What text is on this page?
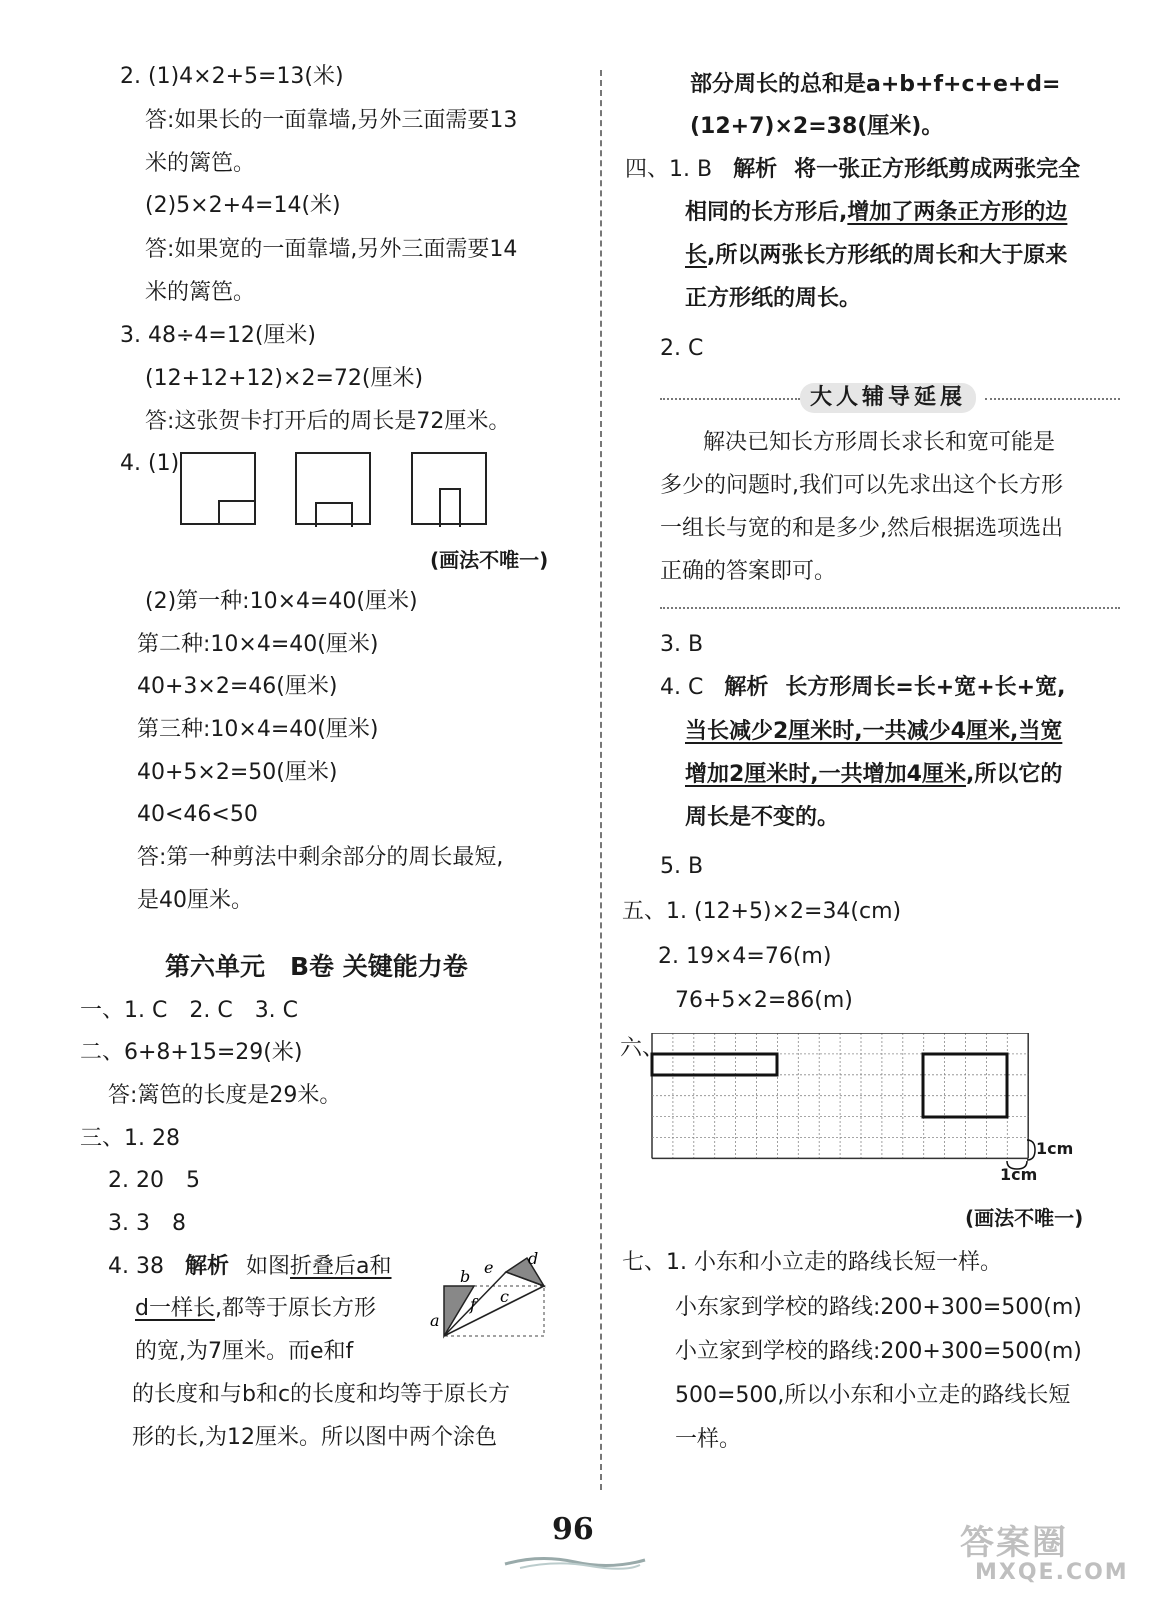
2. (1)4×2+5=13(米)
答:如果长的一面靠墙,另外三面需要13
米的篱笆。
(2)5×2+4=14(米)
答:如果宽的一面靠墙,另外三面需要14
米的篱笆。
3. 48÷4=12(厘米)
(12+12+12)×2=72(厘米)
答:这张贺卡打开后的周长是72厘米。
4. (1)
(画法不唯一)
(2)第一种:10×4=40(厘米)
第二种:10×4=40(厘米)
40+3×2=46(厘米)
第三种:10×4=40(厘米)
40+5×2=50(厘米)
40<46<50
答:第一种剪法中剩余部分的周长最短,
是40厘米。
第六单元　B卷 关键能力卷
一、1. C　2. C　3. C
二、6+8+15=29(米)
答:篱笆的长度是29米。
三、1. 28
2. 20　5
3. 3　8
4. 38 解析 如图折叠后a和
d一样长,都等于原长方形
的宽,为7厘米。而e和f
的长度和与b和c的长度和均等于原长方
形的长,为12厘米。所以图中两个涂色
a
b e d
f c
部分周长的总和是a+b+f+c+e+d=
(12+7)×2=38(厘米)。
四、1. B 解析 将一张正方形纸剪成两张完全
相同的长方形后,增加了两条正方形的边
长,所以两张长方形纸的周长和大于原来
正方形纸的周长。
2. C
大人辅导延展
解决已知长方形周长求长和宽可能是
多少的问题时,我们可以先求出这个长方形
一组长与宽的和是多少,然后根据选项选出
正确的答案即可。
3. B
4. C 解析 长方形周长=长+宽+长+宽,
当长减少2厘米时,一共减少4厘米,当宽
增加2厘米时,一共增加4厘米,所以它的
周长是不变的。
5. B
五、1. (12+5)×2=34(cm)
2. 19×4=76(m)
76+5×2=86(m)
六、
1cm
1cm
(画法不唯一)
七、1. 小东和小立走的路线长短一样。
小东家到学校的路线:200+300=500(m)
小立家到学校的路线:200+300=500(m)
500=500,所以小东和小立走的路线长短
一样。
96	答案圈
MXQE.COM
